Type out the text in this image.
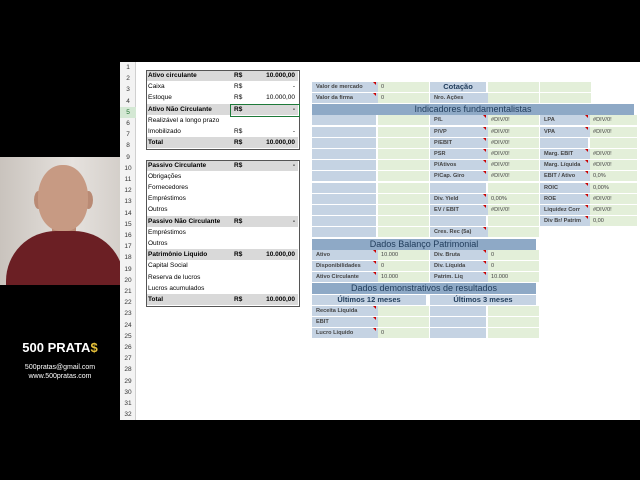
500 PRATA$
500pratas@gmail.com
www.500pratas.com
1
2
3
4
5
6
7
8
9
10
11
12
13
14
15
16
17
18
19
20
21
22
23
24
25
26
27
28
29
30
31
32
Ativo circulante	R$	10.000,00
Caixa	R$	-
Estoque	R$	10.000,00
Ativo Não Circulante	R$	-
Realizável a longo prazo
Imobilizado	R$	-
Total	R$	10.000,00
Passivo Circulante	R$	-
Obrigações
Fornecedores
Empréstimos
Outros
Passivo Não Circulante R$	-
Empréstimos
Outros
Patrimônio Liquido	R$	10.000,00
Capital Social
Reserva de lucros
Lucros acumulados
Total	R$	10.000,00
Valor de mercado	0
Valor da firma	0
Cotação
Nro. Ações
Indicadores fundamentalistas
P/L	#DIV/0!
P/VP	#DIV/0!
P/EBIT	#DIV/0!
PSR	#DIV/0!
P/Ativos	#DIV/0!
P/Cap. Giro	#DIV/0!
Div. Yield	0,00%
EV / EBIT	#DIV/0!
Cres. Rec (5a)
LPA	#DIV/0!
VPA	#DIV/0!
Marg. EBIT	#DIV/0!
Marg. Líquida	#DIV/0!
EBIT / Ativo	0,0%
ROIC	0,00%
ROE	#DIV/0!
Liquidez Corr	#DIV/0!
Div Br/ Patrim	0,00
Dados Balanço Patrimonial
Ativo	10.000
Disponibilidades	0
Ativo Circulante	10.000
Div. Bruta	0
Div. Líquida	0
Patrim. Liq	10.000
Dados demonstrativos de resultados
Últimos 12 meses	Últimos 3 meses
Receita Liquida
EBIT
Lucro Liquido	0
